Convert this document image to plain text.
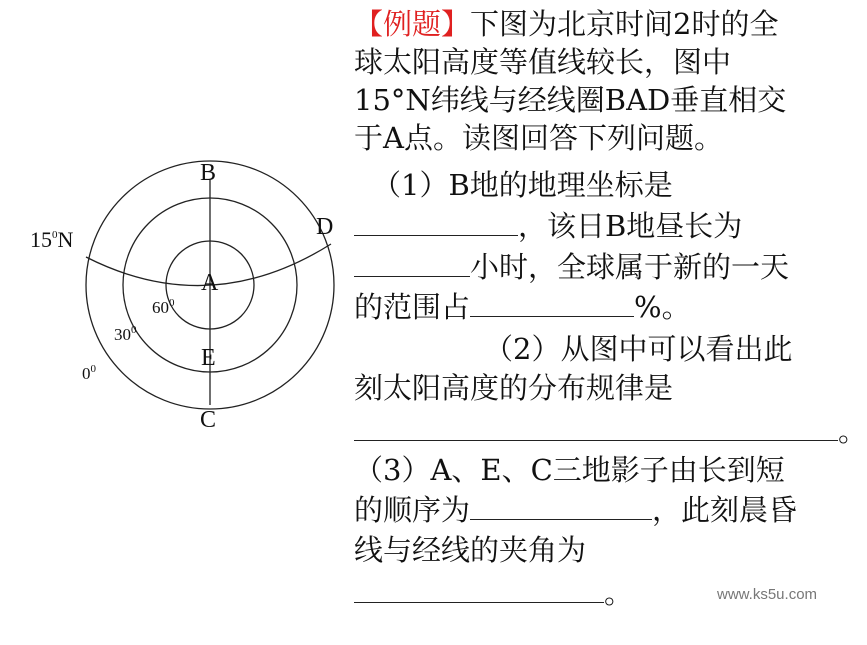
B
D
A
E
C
$15^0N$
$60^0$
$30^0$
$0^0$
【例题】下图为北京时间2时的全
球太阳高度等值线较长，图中
15°N纬线与经线圈BAD垂直相交
于A点。读图回答下列问题。
（1）B地的地理坐标是
，该日B地昼长为
小时，全球属于新的一天
的范围占	%。
（2）从图中可以看出此
刻太阳高度的分布规律是
。
（3）A、E、C三地影子由长到短
的顺序为	，此刻晨昏
线与经线的夹角为
。	www.ks5u.com
